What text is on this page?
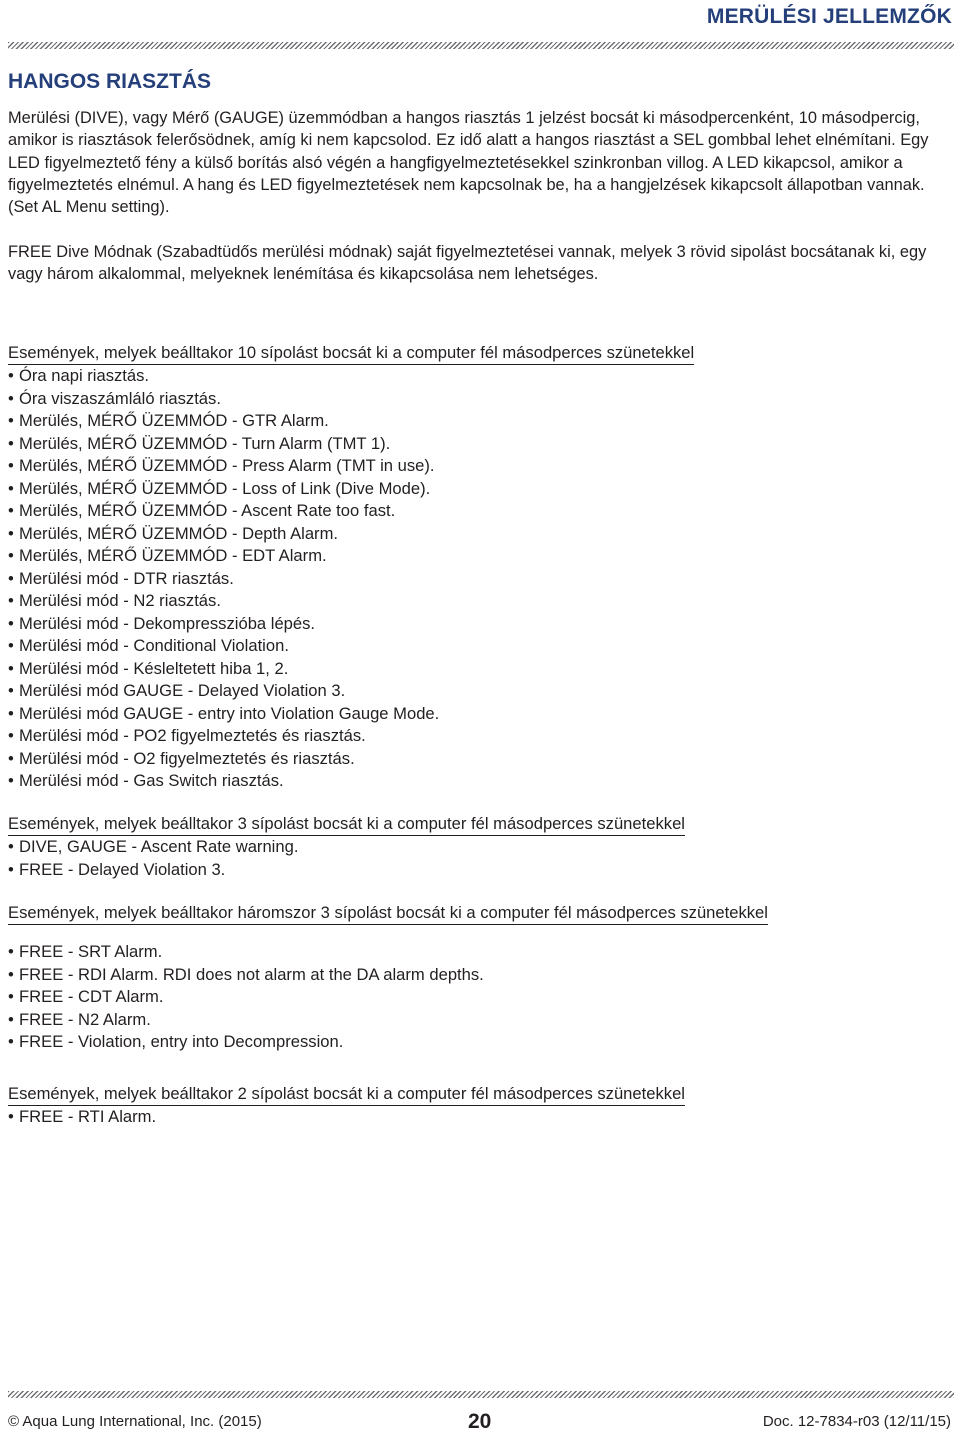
MERÜLÉSI JELLEMZŐK
HANGOS RIASZTÁS

Merülési (DIVE), vagy Mérő (GAUGE) üzemmódban a hangos riasztás 1 jelzést bocsát ki másodpercenként, 10 másodpercig, amikor is riasztások felerősödnek, amíg ki nem kapcsolod. Ez idő alatt a hangos riasztást a SEL gombbal lehet elnémítani. Egy LED figyelmeztető fény a külső borítás alsó végén a hangfigyelmeztetésekkel szinkronban villog. A LED kikapcsol, amikor a figyelmeztetés elnémul. A hang és LED figyelmeztetések nem kapcsolnak be, ha a hangjelzések kikapcsolt állapotban vannak. (Set AL Menu setting).

FREE Dive Módnak (Szabadtüdős merülési módnak) saját figyelmeztetései vannak, melyek 3 rövid sipolást bocsátanak ki, egy vagy három alkalommal, melyeknek lenémítása és kikapcsolása nem lehetséges.

Események, melyek beálltakor 10 sípolást bocsát ki a computer fél másodperces szünetekkel
• Óra napi riasztás.
• Óra viszaszámláló riasztás.
• Merülés, MÉRŐ ÜZEMMÓD - GTR Alarm.
• Merülés, MÉRŐ ÜZEMMÓD - Turn Alarm (TMT 1).
• Merülés, MÉRŐ ÜZEMMÓD - Press Alarm (TMT in use).
• Merülés, MÉRŐ ÜZEMMÓD - Loss of Link (Dive Mode).
• Merülés, MÉRŐ ÜZEMMÓD - Ascent Rate too fast.
• Merülés, MÉRŐ ÜZEMMÓD - Depth Alarm.
• Merülés, MÉRŐ ÜZEMMÓD - EDT Alarm.
• Merülési mód - DTR riasztás.
• Merülési mód - N2 riasztás.
• Merülési mód - Dekompresszióba lépés.
• Merülési mód - Conditional Violation.
• Merülési mód - Késleltetett hiba 1, 2.
• Merülési mód GAUGE - Delayed Violation 3.
• Merülési mód GAUGE - entry into Violation Gauge Mode.
• Merülési mód - PO2 figyelmeztetés és riasztás.
• Merülési mód - O2 figyelmeztetés és riasztás.
• Merülési mód - Gas Switch riasztás.
Események, melyek beálltakor 3 sípolást bocsát ki a computer fél másodperces szünetekkel
• DIVE, GAUGE - Ascent Rate warning.
• FREE - Delayed Violation 3.
Események, melyek beálltakor háromszor 3 sípolást bocsát ki a computer fél másodperces szünetekkel
• FREE - SRT Alarm.
• FREE - RDI Alarm. RDI does not alarm at the DA alarm depths.
• FREE - CDT Alarm.
• FREE - N2 Alarm.
• FREE - Violation, entry into Decompression.
Események, melyek beálltakor 2 sípolást bocsát ki a computer fél másodperces szünetekkel
• FREE - RTI Alarm.
© Aqua Lung International, Inc. (2015)	20	Doc. 12-7834-r03 (12/11/15)
